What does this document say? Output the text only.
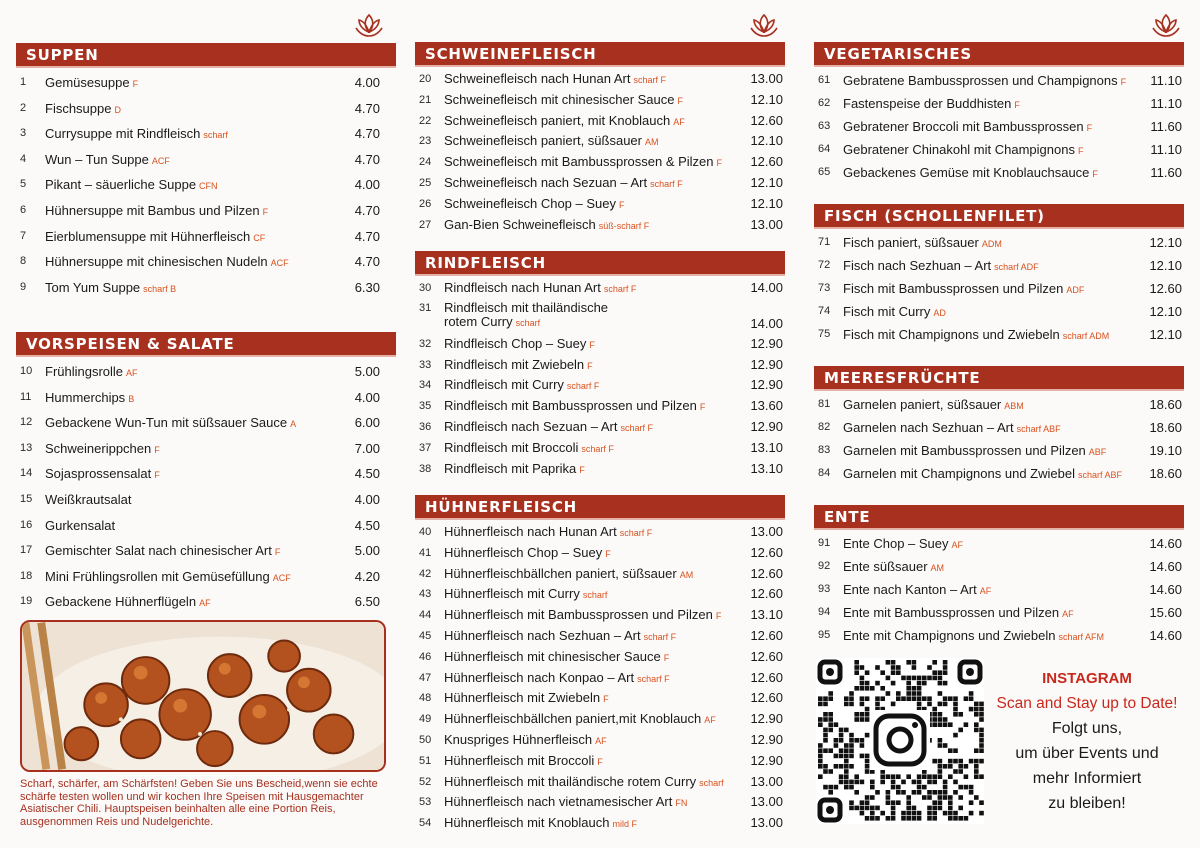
SUPPEN
1 Gemüsesuppe F	4.00
2 Fischsuppe D	4.70
3 Currysuppe mit Rindfleisch scharf	4.70
4 Wun – Tun Suppe ACF	4.70
5 Pikant – säuerliche Suppe CFN	4.00
6 Hühnersuppe mit Bambus und Pilzen F	4.70
7 Eierblumensuppe mit Hühnerfleisch CF	4.70
8 Hühnersuppe mit chinesischen Nudeln ACF	4.70
9 Tom Yum Suppe scharf B	6.30
VORSPEISEN & SALATE
10 Frühlingsrolle AF	5.00
11 Hummerchips B	4.00
12 Gebackene Wun-Tun mit süßsauer Sauce A	6.00
13 Schweinerippchen F	7.00
14 Sojasprossensalat F	4.50
15 Weißkrautsalat	4.00
16 Gurkensalat	4.50
17 Gemischter Salat nach chinesischer Art F	5.00
18 Mini Frühlingsrollen mit Gemüsefüllung ACF	4.20
19 Gebackene Hühnerflügeln AF	6.50
Scharf, schärfer, am Schärfsten! Geben Sie uns Bescheid,wenn sie echte schärfe testen wollen und wir kochen Ihre Speisen mit Hausgemachter Asiatischer Chili. Hauptspeisen beinhalten alle eine Portion Reis, ausgenommen Reis und Nudelgerichte.
SCHWEINEFLEISCH
20 Schweinefleisch nach Hunan Art scharf F	13.00
21 Schweinefleisch mit chinesischer Sauce F	12.10
22 Schweinefleisch paniert, mit Knoblauch AF	12.60
23 Schweinefleisch paniert, süßsauer AM	12.10
24 Schweinefleisch mit Bambussprossen & Pilzen F 12.60
25 Schweinefleisch nach Sezuan – Art scharf F	12.10
26 Schweinefleisch Chop – Suey F	12.10
27 Gan-Bien Schweinefleisch süß-scharf F	13.00
RINDFLEISCH
30 Rindfleisch nach Hunan Art scharf F	14.00
31 Rindfleisch mit thailändische
rotem Curry scharf	14.00
32 Rindfleisch Chop – Suey F	12.90
33 Rindfleisch mit Zwiebeln F	12.90
34 Rindfleisch mit Curry scharf F	12.90
35 Rindfleisch mit Bambussprossen und Pilzen F	13.60
36 Rindfleisch nach Sezuan – Art scharf F	12.90
37 Rindfleisch mit Broccoli scharf F	13.10
38 Rindfleisch mit Paprika F	13.10
HÜHNERFLEISCH
40 Hühnerfleisch nach Hunan Art scharf F	13.00
41 Hühnerfleisch Chop – Suey F	12.60
42 Hühnerfleischbällchen paniert, süßsauer AM	12.60
43 Hühnerfleisch mit Curry scharf	12.60
44 Hühnerfleisch mit Bambussprossen und Pilzen F 13.10
45 Hühnerfleisch nach Sezhuan – Art scharf F	12.60
46 Hühnerfleisch mit chinesischer Sauce F	12.60
47 Hühnerfleisch nach Konpao – Art scharf F	12.60
48 Hühnerfleisch mit Zwiebeln F	12.60
49 Hühnerfleischbällchen paniert,mit Knoblauch AF	12.90
50 Knuspriges Hühnerfleisch AF	12.90
51 Hühnerfleisch mit Broccoli F	12.90
52 Hühnerfleisch mit thailändische rotem Curry scharf 13.00
53 Hühnerfleisch nach vietnamesischer Art FN	13.00
54 Hühnerfleisch mit Knoblauch mild F	13.00
VEGETARISCHES
61 Gebratene Bambussprossen und Champignons F 11.10
62 Fastenspeise der Buddhisten F	11.10
63 Gebratener Broccoli mit Bambussprossen F	11.60
64 Gebratener Chinakohl mit Champignons F	11.10
65 Gebackenes Gemüse mit Knoblauchsauce F	11.60
FISCH (SCHOLLENFILET)
71 Fisch paniert, süßsauer ADM	12.10
72 Fisch nach Sezhuan – Art scharf ADF	12.10
73 Fisch mit Bambussprossen und Pilzen ADF	12.60
74 Fisch mit Curry AD	12.10
75 Fisch mit Champignons und Zwiebeln scharf ADM	12.10
MEERESFRÜCHTE
81 Garnelen paniert, süßsauer ABM	18.60
82 Garnelen nach Sezhuan – Art scharf ABF	18.60
83 Garnelen mit Bambussprossen und Pilzen ABF	19.10
84 Garnelen mit Champignons und Zwiebel scharf ABF 18.60
ENTE
91 Ente Chop – Suey AF	14.60
92 Ente süßsauer AM	14.60
93 Ente nach Kanton – Art AF	14.60
94 Ente mit Bambussprossen und Pilzen AF	15.60
95 Ente mit Champignons und Zwiebeln scharf AFM	14.60
INSTAGRAM
Scan and Stay up to Date!
Folgt uns,
um über Events und
mehr Informiert
zu bleiben!
